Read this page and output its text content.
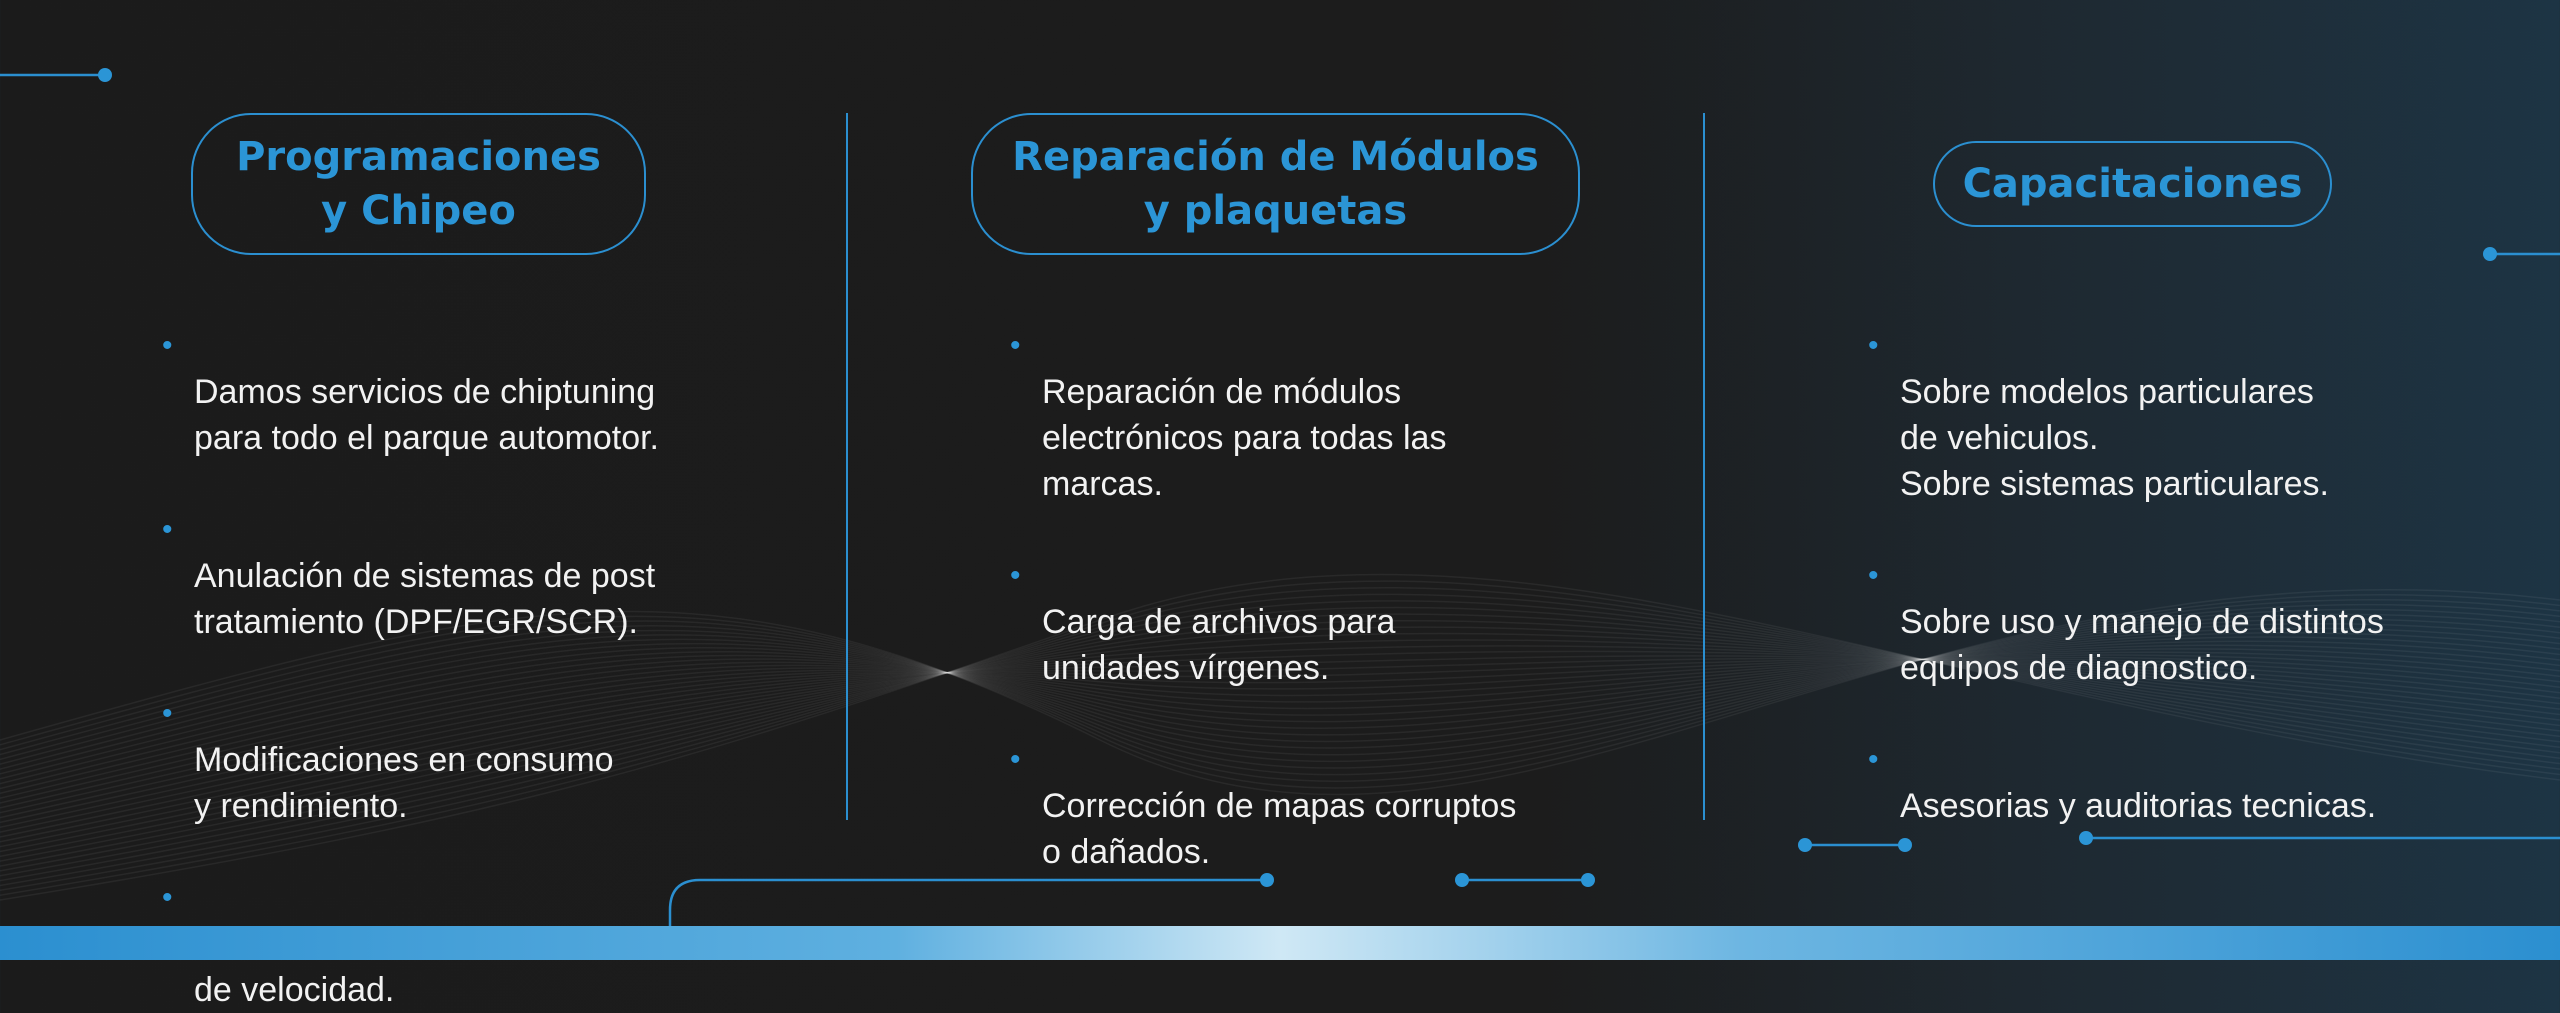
Programaciones
y Chipeo

•
Damos servicios de chiptuning
para todo el parque automotor.

•
Anulación de sistemas de post
tratamiento (DPF/EGR/SCR).

•
Modificaciones en consumo
y rendimiento.

•

de velocidad.

Reparación de Módulos
y plaquetas

•
Reparación de módulos
electrónicos para todas las
marcas.

•
Carga de archivos para
unidades vírgenes.

•
Corrección de mapas corruptos
o dañados.

Capacitaciones

•
Sobre modelos particulares
de vehiculos.
Sobre sistemas particulares.

•
Sobre uso y manejo de distintos
equipos de diagnostico.

•
Asesorias y auditorias tecnicas.
